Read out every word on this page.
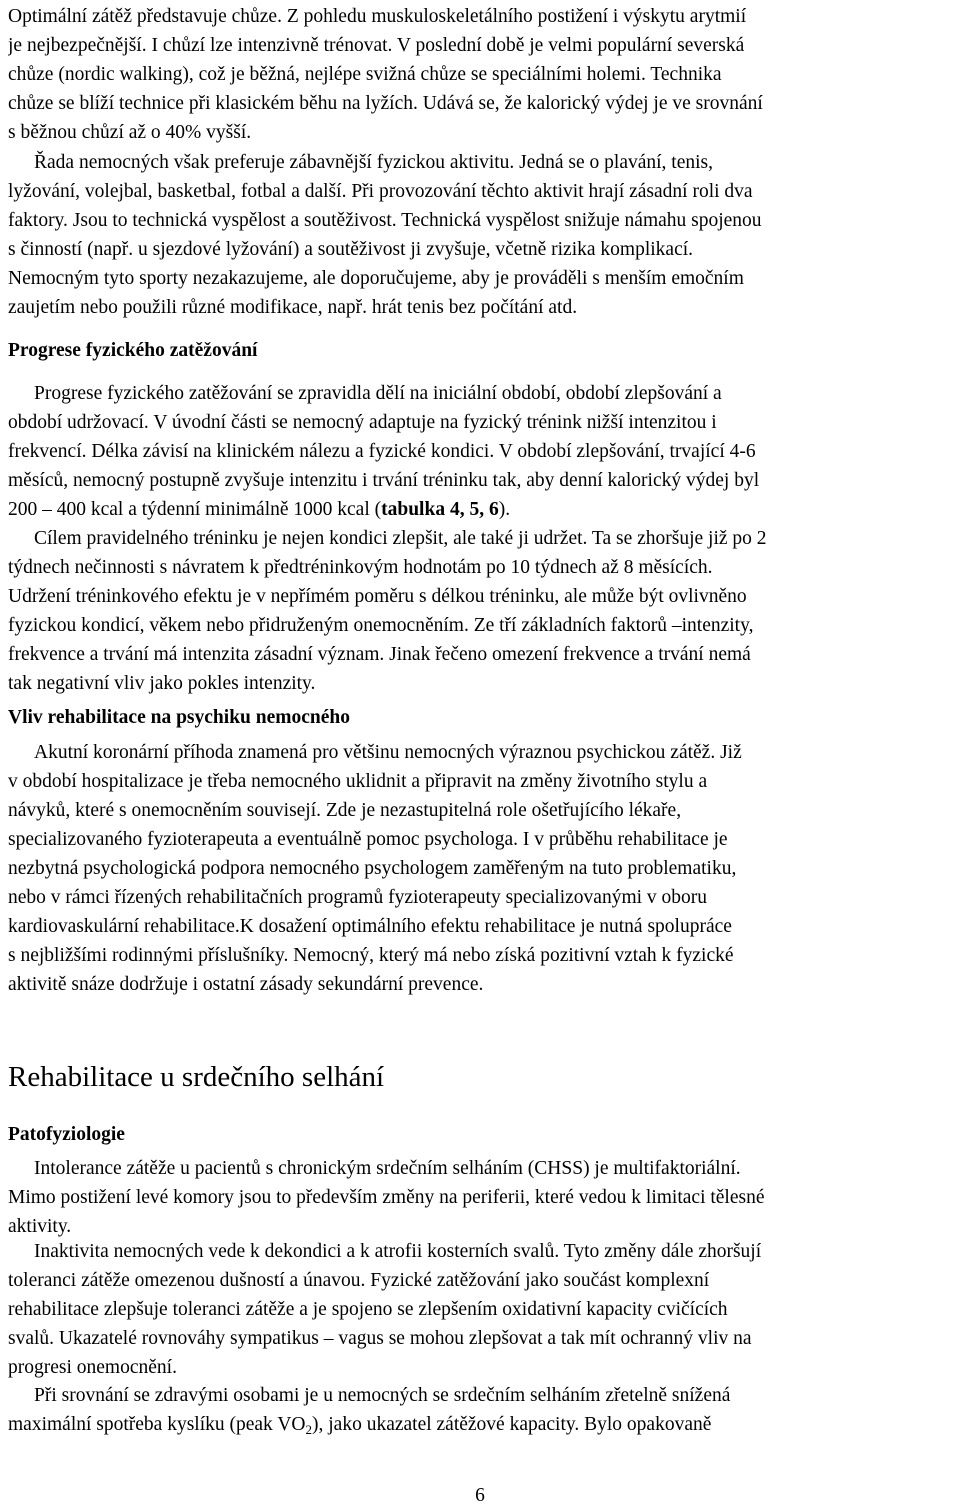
Optimální zátěž představuje chůze. Z pohledu muskuloskeletálního postižení i výskytu arytmií
je nejbezpečnější. I chůzí lze intenzivně trénovat. V poslední době je velmi populární severská
chůze (nordic walking), což je běžná, nejlépe svižná chůze se speciálními holemi. Technika
chůze se blíží technice při klasickém běhu na lyžích. Udává se, že kalorický výdej je ve srovnání
s běžnou chůzí až o 40% vyšší.
Řada nemocných však preferuje zábavnější fyzickou aktivitu. Jedná se o plavání, tenis,
lyžování, volejbal, basketbal, fotbal a další. Při provozování těchto aktivit hrají zásadní roli dva
faktory. Jsou to technická vyspělost a soutěživost. Technická vyspělost snižuje námahu spojenou
s činností (např. u sjezdové lyžování) a soutěživost ji zvyšuje, včetně rizika komplikací.
Nemocným tyto sporty nezakazujeme, ale doporučujeme, aby je prováděli s menším emočním
zaujetím nebo použili různé modifikace, např. hrát tenis bez počítání atd.
Progrese fyzického zatěžování
Progrese fyzického zatěžování se zpravidla dělí na iniciální období, období zlepšování a
období udržovací. V úvodní části se nemocný adaptuje na fyzický trénink nižší intenzitou i
frekvencí. Délka závisí na klinickém nálezu a fyzické kondici. V období zlepšování, trvající 4-6
měsíců, nemocný postupně zvyšuje intenzitu i trvání tréninku tak, aby denní kalorický výdej byl
200 – 400 kcal a týdenní minimálně 1000 kcal (tabulka 4, 5, 6).
Cílem pravidelného tréninku je nejen kondici zlepšit, ale také ji udržet. Ta se zhoršuje již po 2
týdnech nečinnosti s návratem k předtréninkovým hodnotám po 10 týdnech až 8 měsících.
Udržení tréninkového efektu je v nepřímém poměru s délkou tréninku, ale může být ovlivněno
fyzickou kondicí, věkem nebo přidruženým onemocněním. Ze tří základních faktorů –intenzity,
frekvence a trvání má intenzita zásadní význam. Jinak řečeno omezení frekvence a trvání nemá
tak negativní vliv jako pokles intenzity.
Vliv rehabilitace na psychiku nemocného
Akutní koronární příhoda znamená pro většinu nemocných výraznou psychickou zátěž. Již
v období hospitalizace je třeba nemocného uklidnit a připravit na změny životního stylu a
návyků, které s onemocněním souvisejí. Zde je nezastupitelná role ošetřujícího lékaře,
specializovaného fyzioterapeuta a eventuálně pomoc psychologa. I v průběhu rehabilitace je
nezbytná psychologická podpora nemocného psychologem zaměřeným na tuto problematiku,
nebo v rámci řízených rehabilitačních programů fyzioterapeuty specializovanými v oboru
kardiovaskulární rehabilitace.K dosažení optimálního efektu rehabilitace je nutná spolupráce
s nejbližšími rodinnými příslušníky. Nemocný, který má nebo získá pozitivní vztah k fyzické
aktivitě snáze dodržuje i ostatní zásady sekundární prevence.
Rehabilitace u srdečního selhání
Patofyziologie
Intolerance zátěže u pacientů s chronickým srdečním selháním (CHSS) je multifaktoriální.
Mimo postižení levé komory jsou to především změny na periferii, které vedou k limitaci tělesné
aktivity.
Inaktivita nemocných vede k dekondici a k atrofii kosterních svalů. Tyto změny dále zhoršují
toleranci zátěže omezenou dušností a únavou. Fyzické zatěžování jako součást komplexní
rehabilitace zlepšuje toleranci zátěže a je spojeno se zlepšením oxidativní kapacity cvičících
svalů. Ukazatelé rovnováhy sympatikus – vagus se mohou zlepšovat a tak mít ochranný vliv na
progresi onemocnění.
Při srovnání se zdravými osobami je u nemocných se srdečním selháním zřetelně snížená
maximální spotřeba kyslíku (peak $VO_2$), jako ukazatel zátěžové kapacity. Bylo opakovaně
6
